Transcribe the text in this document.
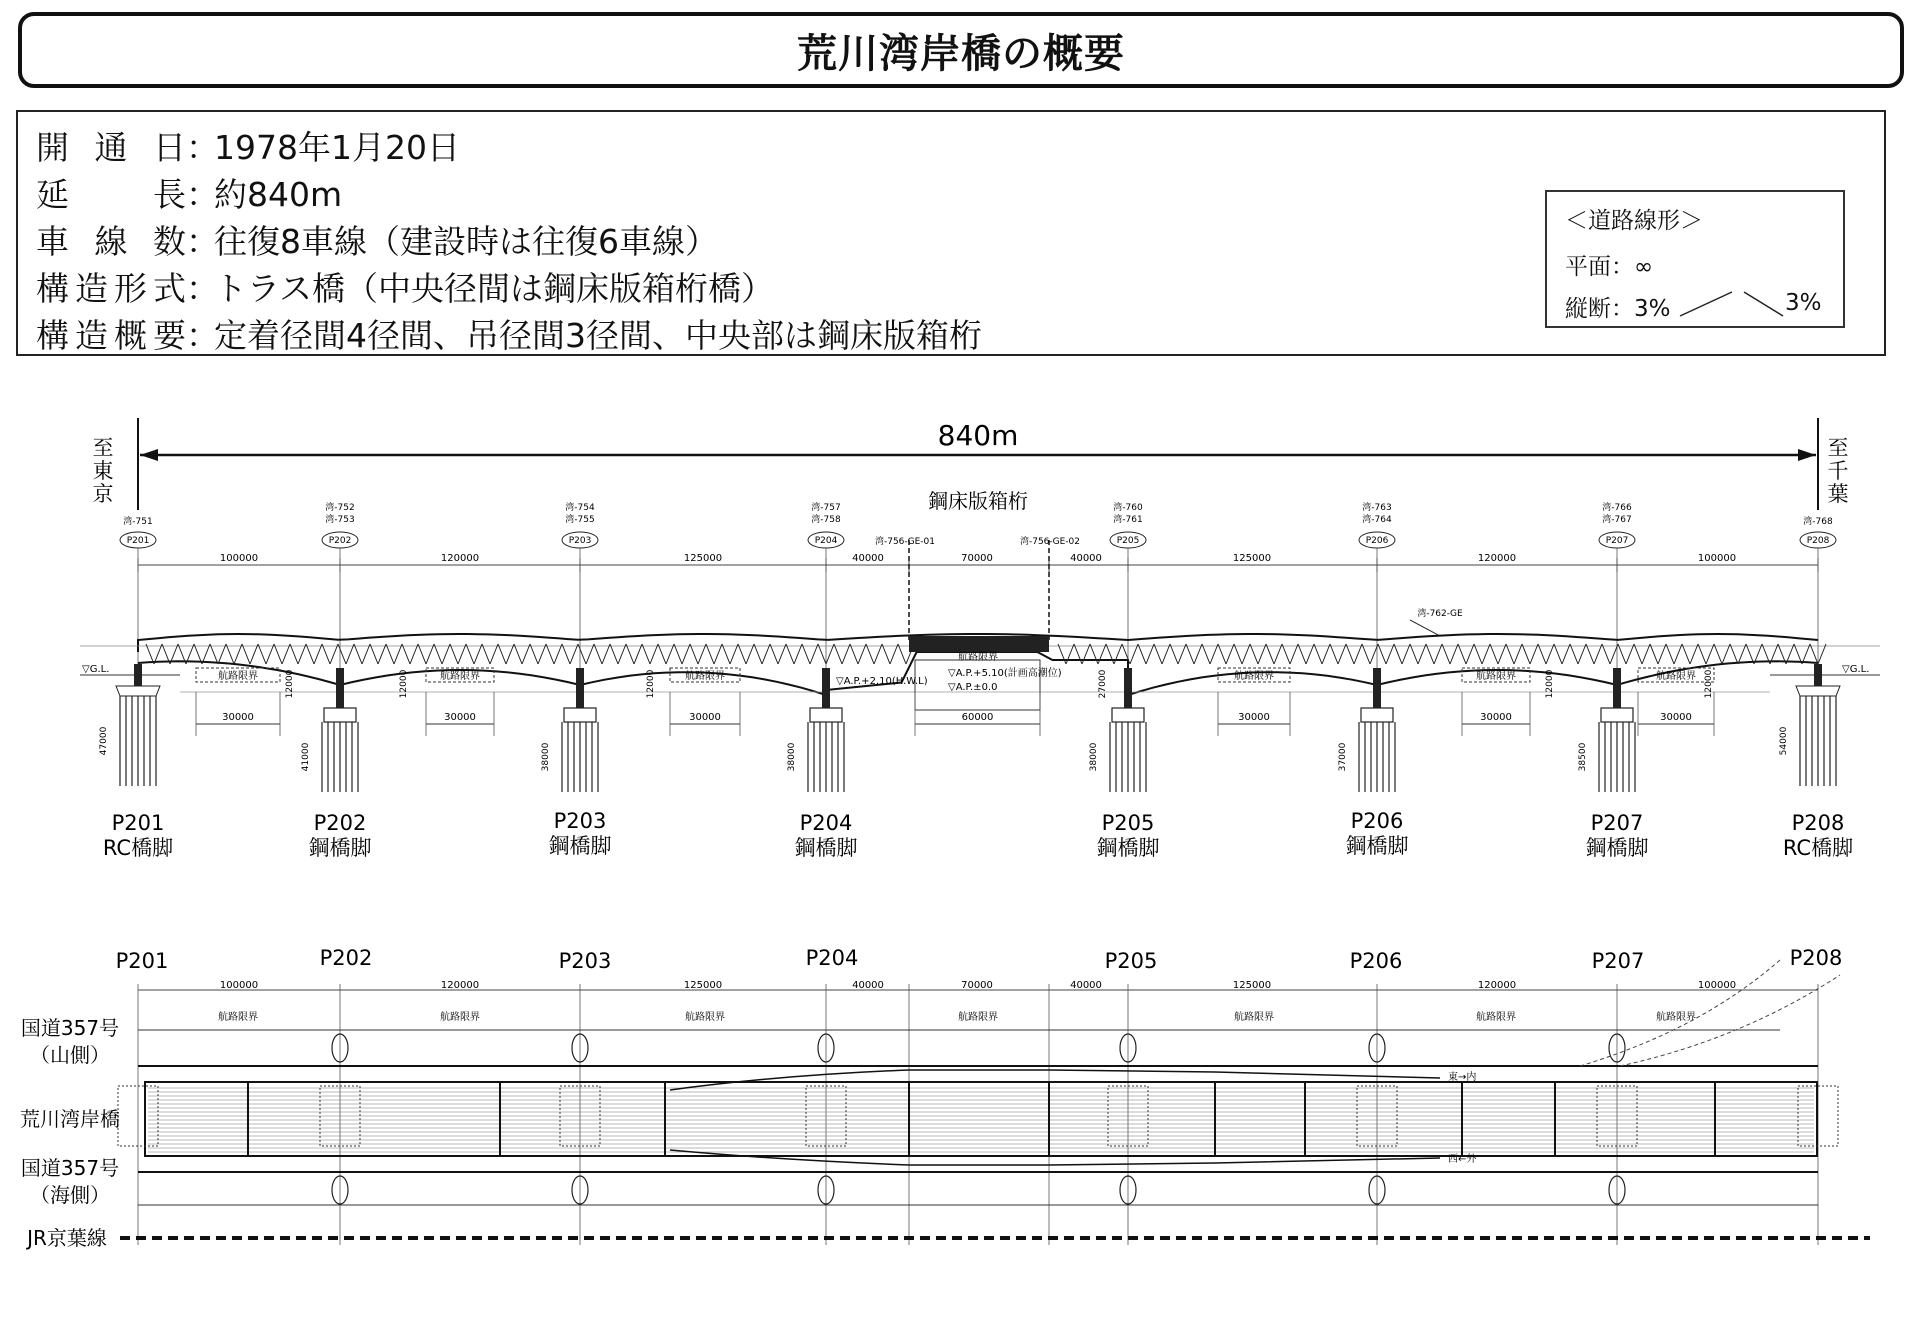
荒川湾岸橋の概要
開通日 ：
1978年1月20日
延長 ：
約840m
車線数 ：
往復8車線（建設時は往復6車線）
構造形式 ：
トラス橋（中央径間は鋼床版箱桁橋）
構造概要 ：
定着径間4径間、吊径間3径間、中央部は鋼床版箱桁
＜道路線形＞
平面：∞
縦断：3%	3%
840m
至
東
京
至
千
葉
鋼床版箱桁
100000	120000	125000	40000	70000	40000	125000	120000	100000
湾-756-GE-01	湾-756-GE-02
湾-762-GE
湾-751
P201
P201
RC橋脚
湾-752
湾-753
P202
P202
鋼橋脚
湾-754
湾-755
P203
P203
鋼橋脚
湾-757
湾-758
P204
P204
鋼橋脚
湾-760
湾-761
P205
P205
鋼橋脚
湾-763
湾-764
P206
P206
鋼橋脚
湾-766
湾-767
P207
P207
鋼橋脚
湾-768
P208
P208
RC橋脚
▽G.L.	▽G.L.
航路限界
30000
航路限界
30000
航路限界
30000	60000
航路限界
30000
航路限界
30000
航路限界
30000
航路限界
▽A.P.+5.10(計画高潮位)
▽A.P.±0.0
▽A.P.+2.10(H.W.L)
12000	12000	12000	27000	12000	12000
47000
41000	38000	38000	38000	37000	38500
54000
P201	P202	P203	P204	P205	P206	P207	P208
100000	120000	125000	40000	70000	40000	125000	120000	100000
航路限界	航路限界	航路限界	航路限界	航路限界	航路限界	航路限界
東→内
西←外
国道357号
（山側）
荒川湾岸橋
国道357号
（海側）
JR京葉線
